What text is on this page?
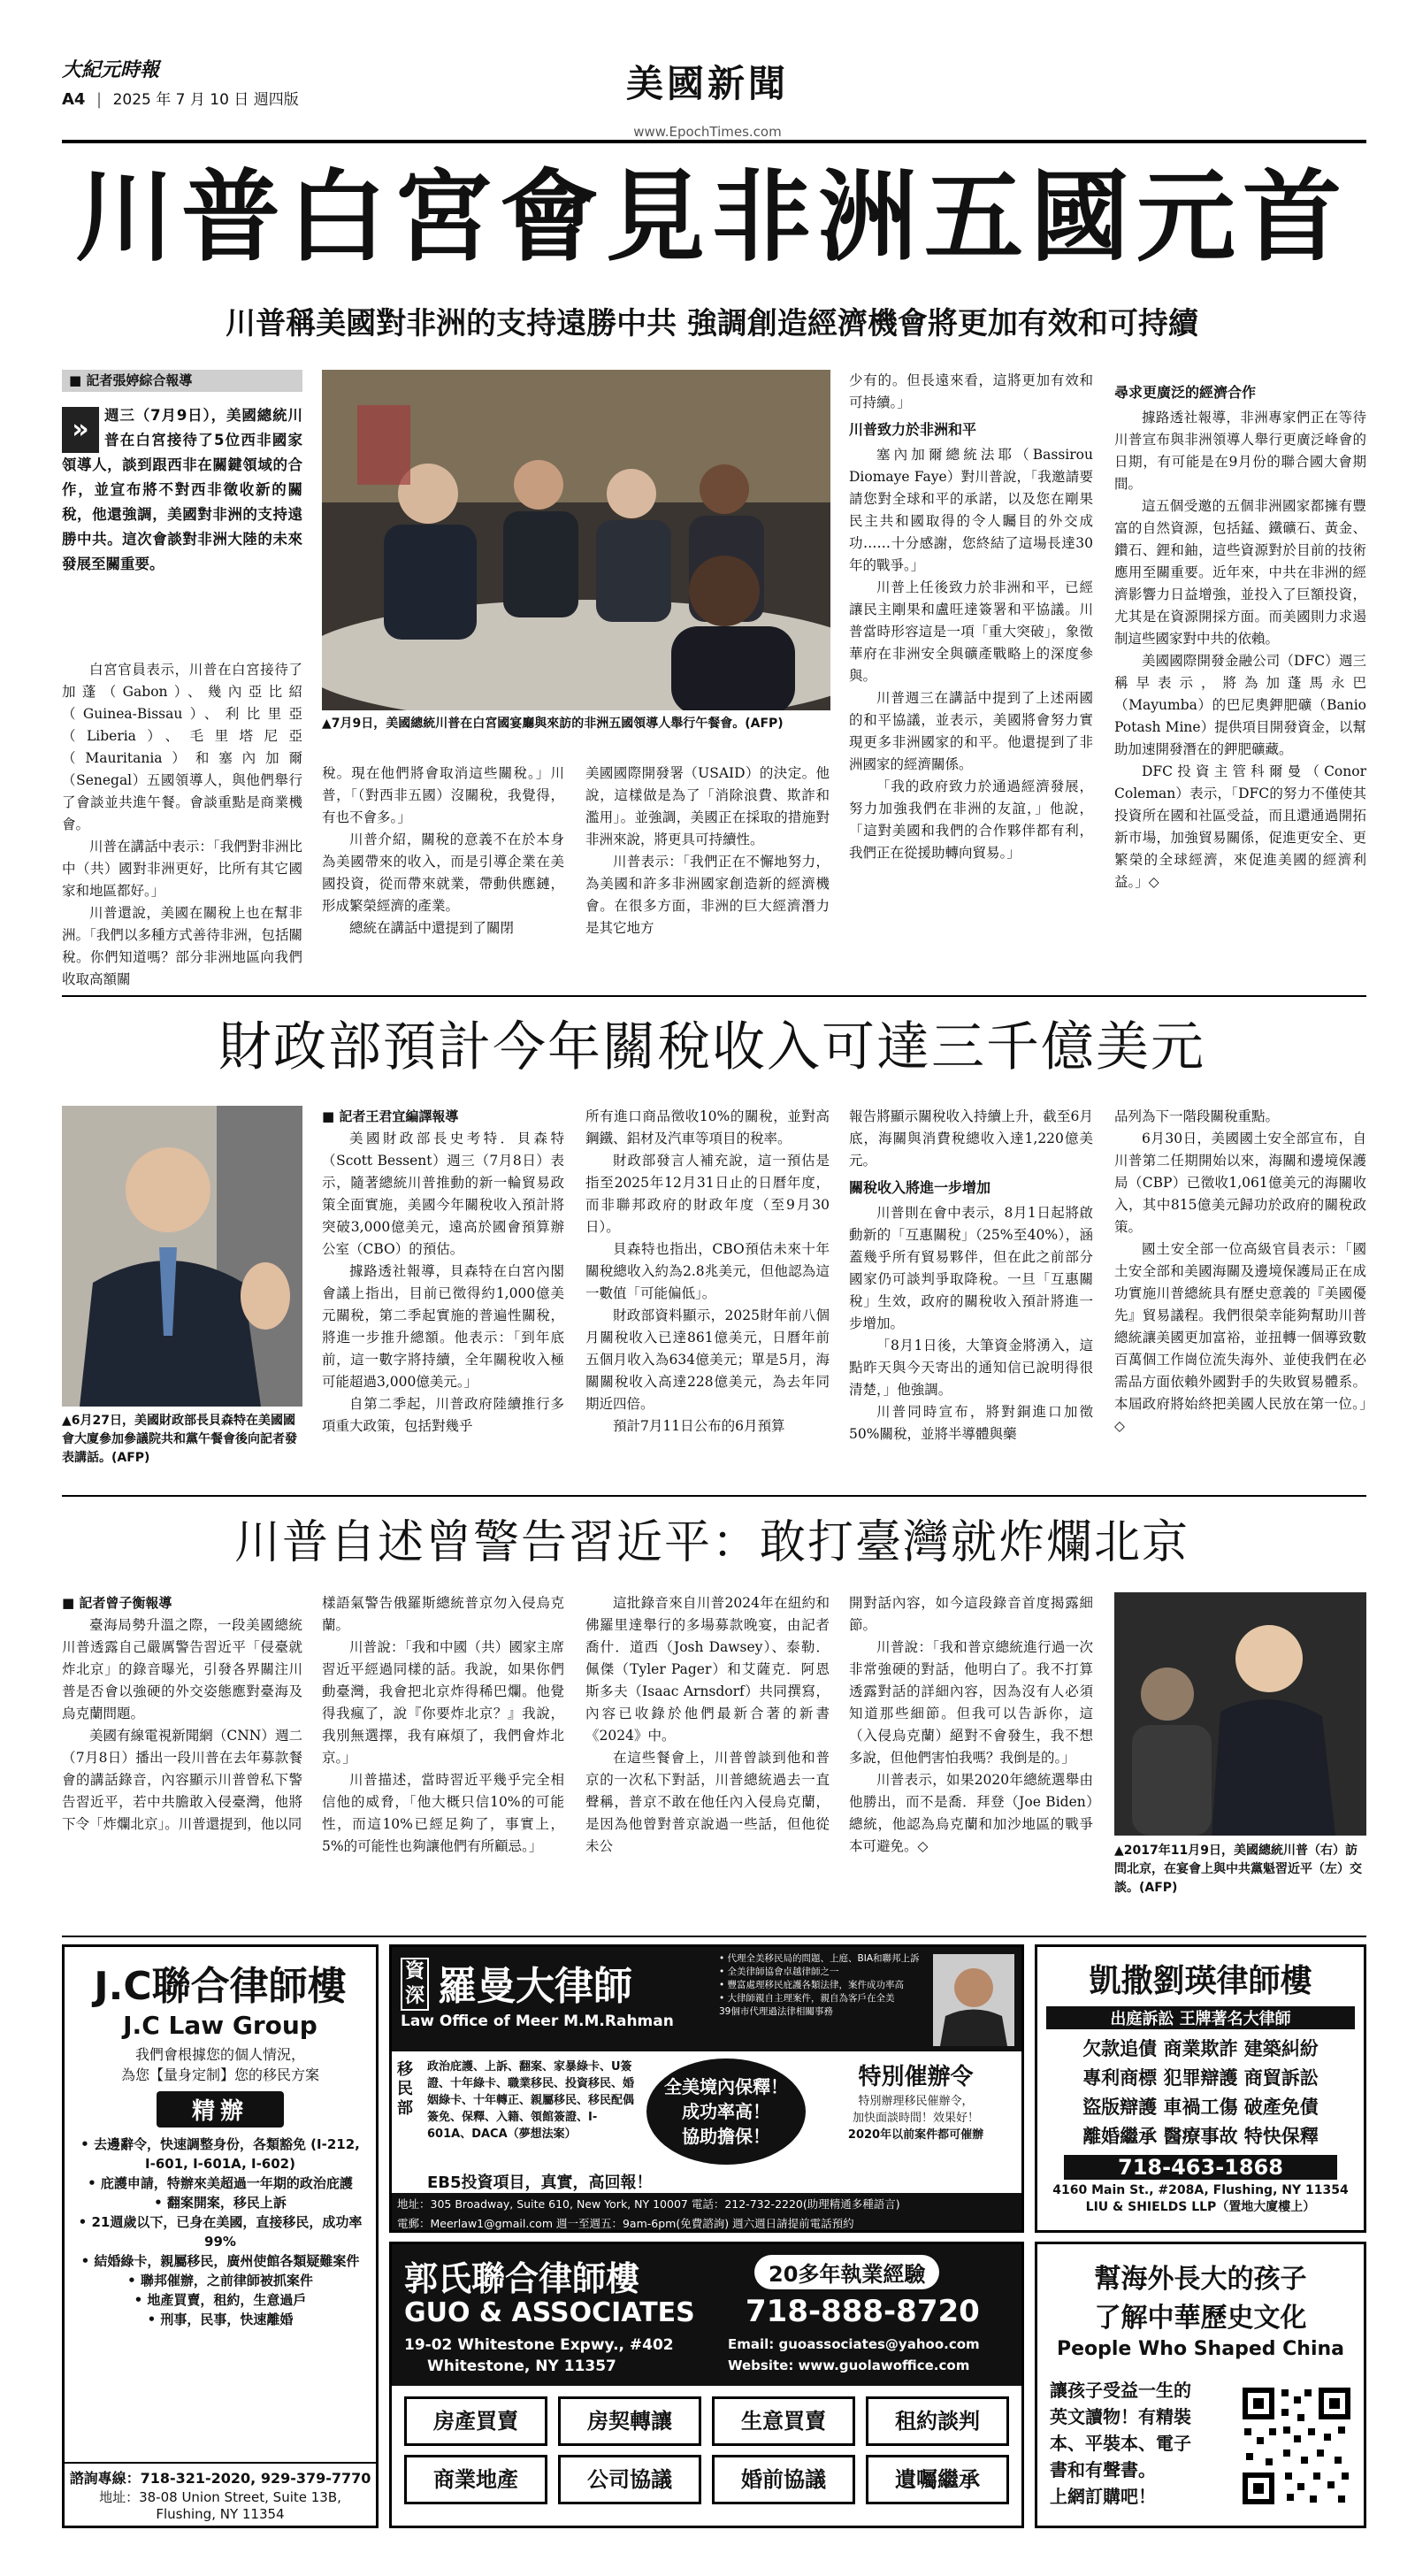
大紀元時報
A4 | 2025 年 7 月 10 日 週四版	美國新聞
www.EpochTimes.com
川普白宮會見非洲五國元首
川普稱美國對非洲的支持遠勝中共 強調創造經濟機會將更加有效和可持續
■ 記者張婷綜合報導
»	週三（7月9日），美國總統川普在白宮接待了5位西非國家領導人，談到跟西非在關鍵領域的合作，並宣布將不對西非徵收新的關稅，他還強調，美國對非洲的支持遠勝中共。這次會談對非洲大陸的未來發展至關重要。

白宮官員表示，川普在白宮接待了加蓬（Gabon）、幾內亞比紹（Guinea-Bissau）、利比里亞（Liberia）、毛里塔尼亞（Mauritania）和塞內加爾（Senegal）五國領導人，與他們舉行了會談並共進午餐。會談重點是商業機會。

川普在講話中表示：「我們對非洲比中（共）國對非洲更好，比所有其它國家和地區都好。」

川普還說，美國在關稅上也在幫非洲。「我們以多種方式善待非洲，包括關稅。你們知道嗎？部分非洲地區向我們收取高額關

▲7月9日，美國總統川普在白宮國宴廳與來訪的非洲五國領導人舉行午餐會。(AFP)

稅。現在他們將會取消這些關稅。」川普，「（對西非五國）沒關稅，我覺得，有也不會多。」

川普介紹，關稅的意義不在於本身為美國帶來的收入，而是引導企業在美國投資，從而帶來就業，帶動供應鏈，形成繁榮經濟的產業。

總統在講話中還提到了關閉

美國國際開發署（USAID）的決定。他說，這樣做是為了「消除浪費、欺詐和濫用」。並強調，美國正在採取的措施對非洲來說，將更具可持續性。

川普表示：「我們正在不懈地努力，為美國和許多非洲國家創造新的經濟機會。在很多方面，非洲的巨大經濟潛力是其它地方

少有的。但長遠來看，這將更加有效和可持續。」

川普致力於非洲和平

塞內加爾總統法耶（Bassirou Diomaye Faye）對川普說，「我邀請要請您對全球和平的承諾，以及您在剛果民主共和國取得的令人矚目的外交成功……十分感謝，您終結了這場長達30年的戰爭。」

川普上任後致力於非洲和平，已經讓民主剛果和盧旺達簽署和平協議。川普當時形容這是一項「重大突破」，象徵華府在非洲安全與礦產戰略上的深度參與。

川普週三在講話中提到了上述兩國的和平協議，並表示，美國將會努力實現更多非洲國家的和平。他還提到了非洲國家的經濟關係。

「我的政府致力於通過經濟發展，努力加強我們在非洲的友誼，」他說，「這對美國和我們的合作夥伴都有利，我們正在從援助轉向貿易。」

尋求更廣泛的經濟合作

據路透社報導，非洲專家們正在等待川普宣布與非洲領導人舉行更廣泛峰會的日期，有可能是在9月份的聯合國大會期間。

這五個受邀的五個非洲國家都擁有豐富的自然資源，包括錳、鐵礦石、黃金、鑽石、鋰和鈾，這些資源對於目前的技術應用至關重要。近年來，中共在非洲的經濟影響力日益增強，並投入了巨額投資，尤其是在資源開採方面。而美國則力求遏制這些國家對中共的依賴。

美國國際開發金融公司（DFC）週三稱早表示，將為加蓬馬永巴（Mayumba）的巴尼奧鉀肥礦（Banio Potash Mine）提供項目開發資金，以幫助加速開發潛在的鉀肥礦藏。

DFC投資主管科爾曼（Conor Coleman）表示，「DFC的努力不僅使其投資所在國和社區受益，而且還通過開拓新市場，加強貿易關係，促進更安全、更繁榮的全球經濟，來促進美國的經濟利益。」◇

財政部預計今年關稅收入可達三千億美元
▲6月27日，美國財政部長貝森特在美國國會大廈參加參議院共和黨午餐會後向記者發表講話。(AFP)
■ 記者王君宜編譯報導

美國財政部長史考特．貝森特（Scott Bessent）週三（7月8日）表示，隨著總統川普推動的新一輪貿易政策全面實施，美國今年關稅收入預計將突破3,000億美元，遠高於國會預算辦公室（CBO）的預估。

據路透社報導，貝森特在白宮內閣會議上指出，目前已徵得約1,000億美元關稅，第二季起實施的普遍性關稅，將進一步推升總額。他表示：「到年底前，這一數字將持續，全年關稅收入極可能超過3,000億美元。」

自第二季起，川普政府陸續推行多項重大政策，包括對幾乎

所有進口商品徵收10%的關稅，並對高鋼鐵、鋁材及汽車等項目的稅率。

財政部發言人補充說，這一預估是指至2025年12月31日止的日曆年度，而非聯邦政府的財政年度（至9月30日）。

貝森特也指出，CBO預估未來十年關稅總收入約為2.8兆美元，但他認為這一數值「可能偏低」。

財政部資料顯示，2025財年前八個月關稅收入已達861億美元，日曆年前五個月收入為634億美元；單是5月，海關關稅收入高達228億美元，為去年同期近四倍。

預計7月11日公布的6月預算

報告將顯示關稅收入持續上升，截至6月底，海關與消費稅總收入達1,220億美元。

關稅收入將進一步增加

川普則在會中表示，8月1日起將啟動新的「互惠關稅」（25%至40%），涵蓋幾乎所有貿易夥伴，但在此之前部分國家仍可談判爭取降稅。一旦「互惠關稅」生效，政府的關稅收入預計將進一步增加。

「8月1日後，大筆資金將湧入，這點昨天與今天寄出的通知信已說明得很清楚，」他強調。

川普同時宣布，將對銅進口加徵50%關稅，並將半導體與藥

品列為下一階段關稅重點。

6月30日，美國國土安全部宣布，自川普第二任期開始以來，海關和邊境保護局（CBP）已徵收1,061億美元的海關收入，其中815億美元歸功於政府的關稅政策。

國土安全部一位高級官員表示：「國土安全部和美國海關及邊境保護局正在成功實施川普總統具有歷史意義的『美國優先』貿易議程。我們很榮幸能夠幫助川普總統讓美國更加富裕，並扭轉一個導致數百萬個工作崗位流失海外、並使我們在必需品方面依賴外國對手的失敗貿易體系。本屆政府將始終把美國人民放在第一位。」◇

川普自述曾警告習近平：敢打臺灣就炸爛北京
■ 記者曾子衡報導

臺海局勢升溫之際，一段美國總統川普透露自己嚴厲警告習近平「侵臺就炸北京」的錄音曝光，引發各界關注川普是否會以強硬的外交姿態應對臺海及烏克蘭問題。

美國有線電視新聞網（CNN）週二（7月8日）播出一段川普在去年募款餐會的講話錄音，內容顯示川普曾私下警告習近平，若中共膽敢入侵臺灣，他將下令「炸爛北京」。川普還提到，他以同

樣語氣警告俄羅斯總統普京勿入侵烏克蘭。

川普說：「我和中國（共）國家主席習近平經過同樣的話。我說，如果你們動臺灣，我會把北京炸得稀巴爛。他覺得我瘋了，說『你要炸北京？』我說，我別無選擇，我有麻煩了，我們會炸北京。」

川普描述，當時習近平幾乎完全相信他的威脅，「他大概只信10%的可能性，而這10%已經足夠了，事實上，5%的可能性也夠讓他們有所顧忌。」

這批錄音來自川普2024年在紐約和佛羅里達舉行的多場募款晚宴，由記者喬什．道西（Josh Dawsey）、泰勒．佩傑（Tyler Pager）和艾薩克．阿恩斯多夫（Isaac Arnsdorf）共同撰寫，內容已收錄於他們最新合著的新書《2024》中。

在這些餐會上，川普曾談到他和普京的一次私下對話，川普總統過去一直聲稱，普京不敢在他任內入侵烏克蘭，是因為他曾對普京說過一些話，但他從未公

開對話內容，如今這段錄音首度揭露細節。

川普說：「我和普京總統進行過一次非常強硬的對話，他明白了。我不打算透露對話的詳細內容，因為沒有人必須知道那些細節。但我可以告訴你，這（入侵烏克蘭）絕對不會發生，我不想多說，但他們害怕我嗎？我倒是的。」

川普表示，如果2020年總統選舉由他勝出，而不是喬．拜登（Joe Biden）總統，他認為烏克蘭和加沙地區的戰爭本可避免。◇	▲2017年11月9日，美國總統川普（右）訪問北京，在宴會上與中共黨魁習近平（左）交談。(AFP)
J.C聯合律師樓
J.C Law Group
我們會根據您的個人情況，
為您【量身定制】您的移民方案
精辦
• 去邊辭令，快速調整身份，各類豁免 (I-212, I-601, I-601A, I-602)
• 庇護申請，特辦來美超過一年期的政治庇護
• 翻案開案，移民上訴
• 21週歲以下，已身在美國，直接移民，成功率 99%
• 結婚綠卡，親屬移民，廣州使館各類疑難案件
• 聯邦催辦，之前律師被抓案件
• 地產買賣，租約，生意過戶
• 刑事，民事，快速離婚
諮詢專線：718-321-2020, 929-379-7770
地址：38-08 Union Street, Suite 13B,
Flushing, NY 11354
資深 羅曼大律師
Law Office of Meer M.M.Rahman
• 代理全美移民局的問題、上庭、BIA和聯邦上訴
• 全美律師協會卓越律師之一
• 豐富處理移民庇護各類法律，案件成功率高
• 大律師親自主理案件，親自為客戶在全美
39個市代理過法律相關事務
移民部
政治庇護、上訴、翻案、家暴綠卡、U簽證、十年綠卡、職業移民、投資移民、婚姻綠卡、十年轉正、親屬移民、移民配偶簽免、保釋、入籍、領館簽證、I-601A、DACA（夢想法案）
全美境內保釋！
成功率高！
協助擔保！
特別催辦令
特別辦理移民催辦令，
加快面談時間！效果好！
2020年以前案件都可催辦
EB5投資項目，真實，高回報！
地址：305 Broadway, Suite 610, New York, NY 10007 電話：212-732-2220(助理精通多種語言)
電郵：Meerlaw1@gmail.com 週一至週五：9am-6pm(免費諮詢) 週六週日請提前電話預約
凱撒劉瑛律師樓
出庭訴訟 王牌著名大律師
欠款追債 商業欺詐 建築糾紛
專利商標 犯罪辯護 商貿訴訟
盜版辯護 車禍工傷 破產免債
離婚繼承 醫療事故 特快保釋
718-463-1868
4160 Main St., #208A, Flushing, NY 11354
LIU & SHIELDS LLP（置地大廈樓上）
郭氏聯合律師樓	20多年執業經驗
GUO & ASSOCIATES 718-888-8720
19-02 Whitestone Expwy., #402
Whitestone, NY 11357
Email: guoassociates@yahoo.com
Website: www.guolawoffice.com
房產買賣	房契轉讓	生意買賣	租約談判
商業地產	公司協議	婚前協議	遺囑繼承
幫海外長大的孩子
了解中華歷史文化
People Who Shaped China
讓孩子受益一生的
英文讀物！有精裝
本、平裝本、電子
書和有聲書。
上網訂購吧！
